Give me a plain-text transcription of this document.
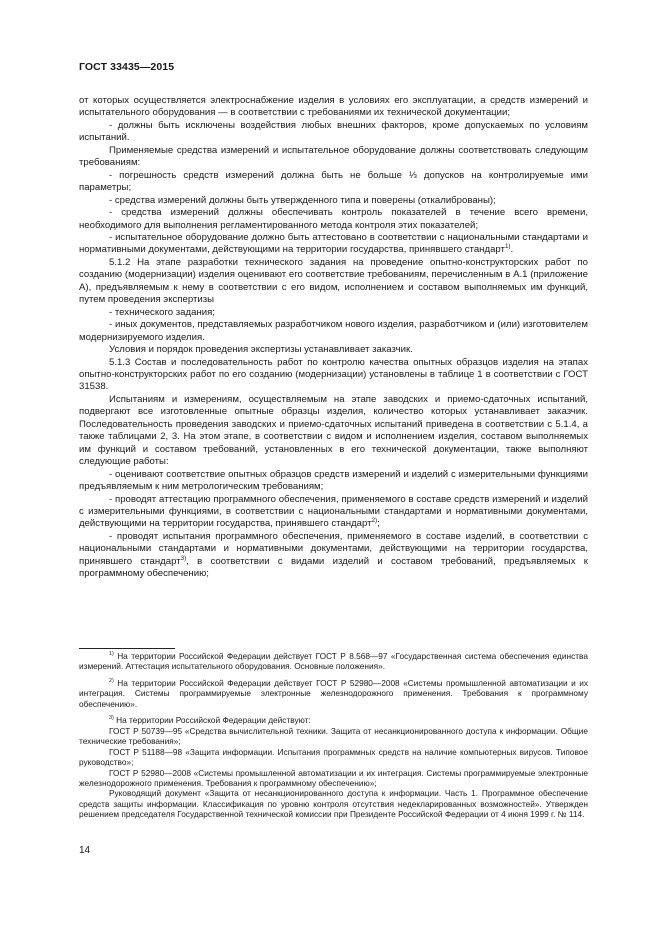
ГОСТ 33435—2015

от которых осуществляется электроснабжение изделия в условиях его эксплуатации, а средств измерений и испытательного оборудования — в соответствии с требованиями их технической документации;

- должны быть исключены воздействия любых внешних факторов, кроме допускаемых по условиям испытаний.

Применяемые средства измерений и испытательное оборудование должны соответствовать следующим требованиям:

- погрешность средств измерений должна быть не больше ⅓ допусков на контролируемые ими параметры;

- средства измерений должны быть утвержденного типа и поверены (откалиброваны);

- средства измерений должны обеспечивать контроль показателей в течение всего времени, необходимого для выполнения регламентированного метода контроля этих показателей;

- испытательное оборудование должно быть аттестовано в соответствии с национальными стандартами и нормативными документами, действующими на территории государства, принявшего стандарт$^{1)}$.

5.1.2 На этапе разработки технического задания на проведение опытно-конструкторских работ по созданию (модернизации) изделия оценивают его соответствие требованиям, перечисленным в А.1 (приложение А), предъявляемым к нему в соответствии с его видом, исполнением и составом выполняемых им функций, путем проведения экспертизы

- технического задания;

- иных документов, представляемых разработчиком нового изделия, разработчиком и (или) изготовителем модернизируемого изделия.

Условия и порядок проведения экспертизы устанавливает заказчик.

5.1.3 Состав и последовательность работ по контролю качества опытных образцов изделия на этапах опытно-конструкторских работ по его созданию (модернизации) установлены в таблице 1 в соответствии с ГОСТ 31538.

Испытаниям и измерениям, осуществляемым на этапе заводских и приемо-сдаточных испытаний, подвергают все изготовленные опытные образцы изделия, количество которых устанавливает заказчик. Последовательность проведения заводских и приемо-сдаточных испытаний приведена в соответствии с 5.1.4, а также таблицами 2, 3. На этом этапе, в соответствии с видом и исполнением изделия, составом выполняемых им функций и составом требований, установленных в его технической документации, также выполняют следующие работы:

- оценивают соответствие опытных образцов средств измерений и изделий с измерительными функциями предъявляемым к ним метрологическим требованиям;

- проводят аттестацию программного обеспечения, применяемого в составе средств измерений и изделий с измерительными функциями, в соответствии с национальными стандартами и нормативными документами, действующими на территории государства, принявшего стандарт$^{2)}$;

- проводят испытания программного обеспечения, применяемого в составе изделий, в соответствии с национальными стандартами и нормативными документами, действующими на территории государства, принявшего стандарт$^{3)}$, в соответствии с видами изделий и составом требований, предъявляемых к программному обеспечению;

$^{1)}$ На территории Российской Федерации действует ГОСТ Р 8.568—97 «Государственная система обеспечения единства измерений. Аттестация испытательного оборудования. Основные положения».

$^{2)}$ На территории Российской Федерации действует ГОСТ Р 52980—2008 «Системы промышленной автоматизации и их интеграция. Системы программируемые электронные железнодорожного применения. Требования к программному обеспечению».

$^{3)}$ На территории Российской Федерации действуют:

ГОСТ Р 50739—95 «Средства вычислительной техники. Защита от несанкционированного доступа к информации. Общие технические требования»;

ГОСТ Р 51188—98 «Защита информации. Испытания программных средств на наличие компьютерных вирусов. Типовое руководство»;

ГОСТ Р 52980—2008 «Системы промышленной автоматизации и их интеграция. Системы программируемые электронные железнодорожного применения. Требования к программному обеспечению»;

Руководящий документ «Защита от несанкционированного доступа к информации. Часть 1. Программное обеспечение средств защиты информации. Классификация по уровню контроля отсутствия недекларированных возможностей». Утвержден решением председателя Государственной технической комиссии при Президенте Российской Федерации от 4 июня 1999 г. № 114.

14
